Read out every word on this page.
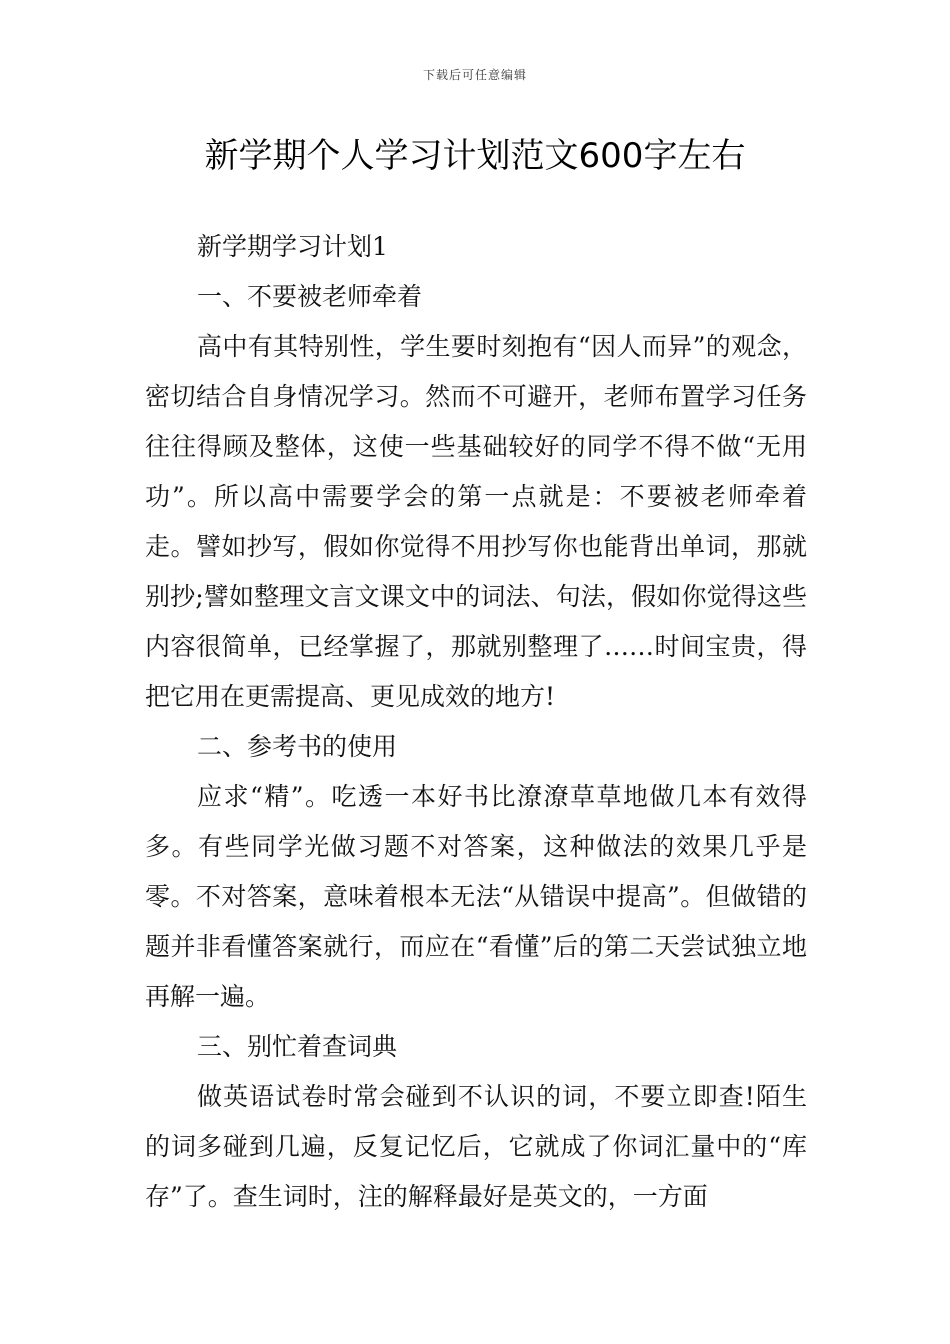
下载后可任意编辑
新学期个人学习计划范文600字左右

新学期学习计划1

一、不要被老师牵着

高中有其特别性，学生要时刻抱有“因人而异”的观念，密切结合自身情况学习。然而不可避开，老师布置学习任务往往得顾及整体，这使一些基础较好的同学不得不做“无用功”。所以高中需要学会的第一点就是：不要被老师牵着走。譬如抄写，假如你觉得不用抄写你也能背出单词，那就别抄;譬如整理文言文课文中的词法、句法，假如你觉得这些内容很简单，已经掌握了，那就别整理了……时间宝贵，得把它用在更需提高、更见成效的地方!

二、参考书的使用

应求“精”。吃透一本好书比潦潦草草地做几本有效得多。有些同学光做习题不对答案，这种做法的效果几乎是零。不对答案，意味着根本无法“从错误中提高”。但做错的题并非看懂答案就行，而应在“看懂”后的第二天尝试独立地再解一遍。

三、别忙着查词典

做英语试卷时常会碰到不认识的词，不要立即查!陌生的词多碰到几遍，反复记忆后，它就成了你词汇量中的“库存”了。查生词时，注的解释最好是英文的，一方面
